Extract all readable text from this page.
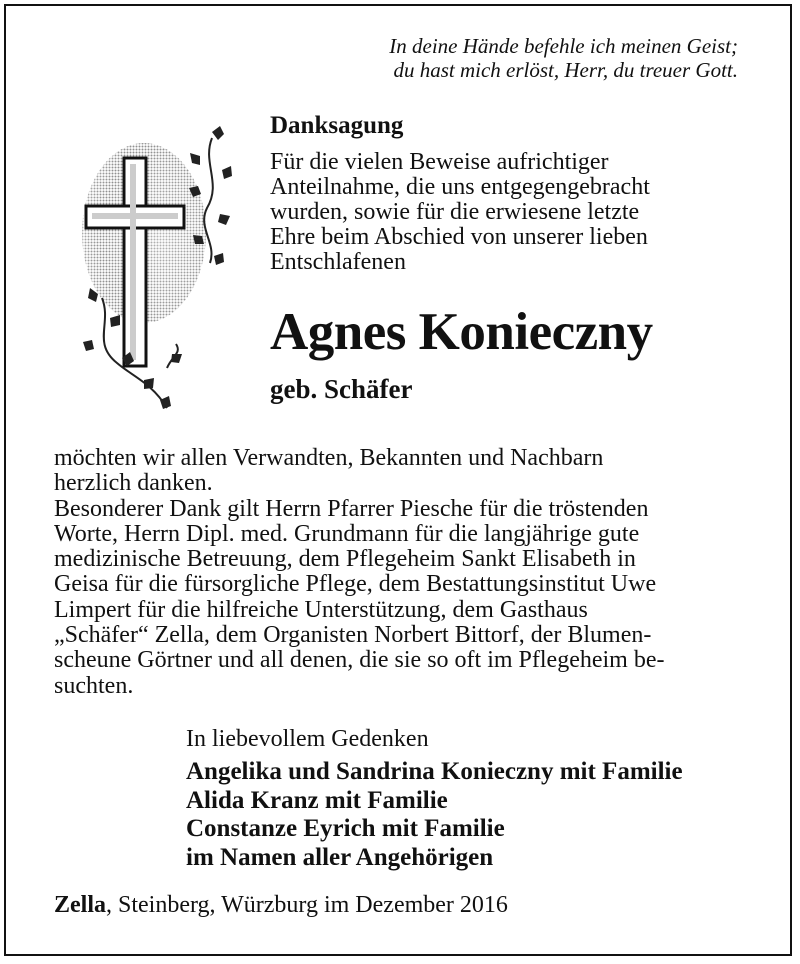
In deine Hände befehle ich meinen Geist;
du hast mich erlöst, Herr, du treuer Gott.
Danksagung
Für die vielen Beweise aufrichtiger
Anteilnahme, die uns entgegengebracht
wurden, sowie für die erwiesene letzte
Ehre beim Abschied von unserer lieben
Entschlafenen
Agnes Konieczny
geb. Schäfer
möchten wir allen Verwandten, Bekannten und Nachbarn
herzlich danken.
Besonderer Dank gilt Herrn Pfarrer Piesche für die tröstenden
Worte, Herrn Dipl. med. Grundmann für die langjährige gute
medizinische Betreuung, dem Pflegeheim Sankt Elisabeth in
Geisa für die fürsorgliche Pflege, dem Bestattungsinstitut Uwe
Limpert für die hilfreiche Unterstützung, dem Gasthaus
„Schäfer“ Zella, dem Organisten Norbert Bittorf, der Blumen-
scheune Görtner und all denen, die sie so oft im Pflegeheim be-
suchten.
In liebevollem Gedenken
Angelika und Sandrina Konieczny mit Familie
Alida Kranz mit Familie
Constanze Eyrich mit Familie
im Namen aller Angehörigen
Zella, Steinberg, Würzburg im Dezember 2016
